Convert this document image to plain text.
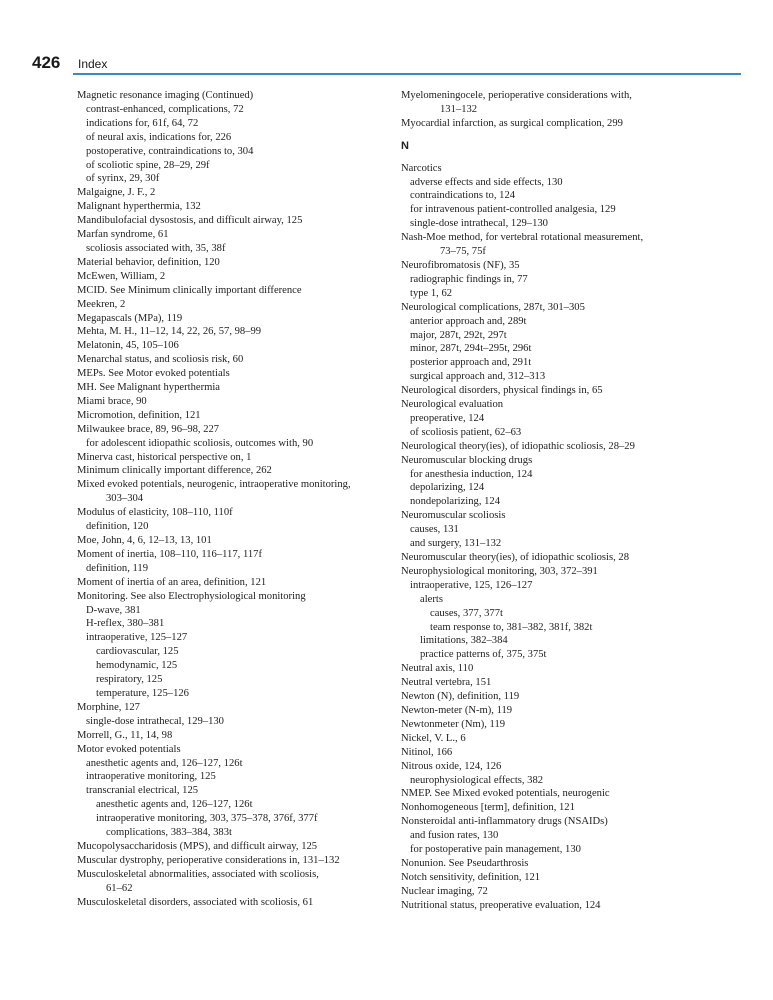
426 Index
Magnetic resonance imaging (Continued)
contrast-enhanced, complications, 72
indications for, 61f, 64, 72
of neural axis, indications for, 226
postoperative, contraindications to, 304
of scoliotic spine, 28–29, 29f
of syrinx, 29, 30f
Malgaigne, J. F., 2
Malignant hyperthermia, 132
Mandibulofacial dysostosis, and difficult airway, 125
Marfan syndrome, 61
scoliosis associated with, 35, 38f
Material behavior, definition, 120
McEwen, William, 2
MCID. See Minimum clinically important difference
Meekren, 2
Megapascals (MPa), 119
Mehta, M. H., 11–12, 14, 22, 26, 57, 98–99
Melatonin, 45, 105–106
Menarchal status, and scoliosis risk, 60
MEPs. See Motor evoked potentials
MH. See Malignant hyperthermia
Miami brace, 90
Micromotion, definition, 121
Milwaukee brace, 89, 96–98, 227
for adolescent idiopathic scoliosis, outcomes with, 90
Minerva cast, historical perspective on, 1
Minimum clinically important difference, 262
Mixed evoked potentials, neurogenic, intraoperative monitoring,
303–304
Modulus of elasticity, 108–110, 110f
definition, 120
Moe, John, 4, 6, 12–13, 13, 101
Moment of inertia, 108–110, 116–117, 117f
definition, 119
Moment of inertia of an area, definition, 121
Monitoring. See also Electrophysiological monitoring
D-wave, 381
H-reflex, 380–381
intraoperative, 125–127
cardiovascular, 125
hemodynamic, 125
respiratory, 125
temperature, 125–126
Morphine, 127
single-dose intrathecal, 129–130
Morrell, G., 11, 14, 98
Motor evoked potentials
anesthetic agents and, 126–127, 126t
intraoperative monitoring, 125
transcranial electrical, 125
anesthetic agents and, 126–127, 126t
intraoperative monitoring, 303, 375–378, 376f, 377f
complications, 383–384, 383t
Mucopolysaccharidosis (MPS), and difficult airway, 125
Muscular dystrophy, perioperative considerations in, 131–132
Musculoskeletal abnormalities, associated with scoliosis,
61–62
Musculoskeletal disorders, associated with scoliosis, 61
Myelomeningocele, perioperative considerations with,
131–132
Myocardial infarction, as surgical complication, 299
N
Narcotics
adverse effects and side effects, 130
contraindications to, 124
for intravenous patient-controlled analgesia, 129
single-dose intrathecal, 129–130
Nash-Moe method, for vertebral rotational measurement,
73–75, 75f
Neurofibromatosis (NF), 35
radiographic findings in, 77
type 1, 62
Neurological complications, 287t, 301–305
anterior approach and, 289t
major, 287t, 292t, 297t
minor, 287t, 294t–295t, 296t
posterior approach and, 291t
surgical approach and, 312–313
Neurological disorders, physical findings in, 65
Neurological evaluation
preoperative, 124
of scoliosis patient, 62–63
Neurological theory(ies), of idiopathic scoliosis, 28–29
Neuromuscular blocking drugs
for anesthesia induction, 124
depolarizing, 124
nondepolarizing, 124
Neuromuscular scoliosis
causes, 131
and surgery, 131–132
Neuromuscular theory(ies), of idiopathic scoliosis, 28
Neurophysiological monitoring, 303, 372–391
intraoperative, 125, 126–127
alerts
causes, 377, 377t
team response to, 381–382, 381f, 382t
limitations, 382–384
practice patterns of, 375, 375t
Neutral axis, 110
Neutral vertebra, 151
Newton (N), definition, 119
Newton-meter (N-m), 119
Newtonmeter (Nm), 119
Nickel, V. L., 6
Nitinol, 166
Nitrous oxide, 124, 126
neurophysiological effects, 382
NMEP. See Mixed evoked potentials, neurogenic
Nonhomogeneous [term], definition, 121
Nonsteroidal anti-inflammatory drugs (NSAIDs)
and fusion rates, 130
for postoperative pain management, 130
Nonunion. See Pseudarthrosis
Notch sensitivity, definition, 121
Nuclear imaging, 72
Nutritional status, preoperative evaluation, 124
